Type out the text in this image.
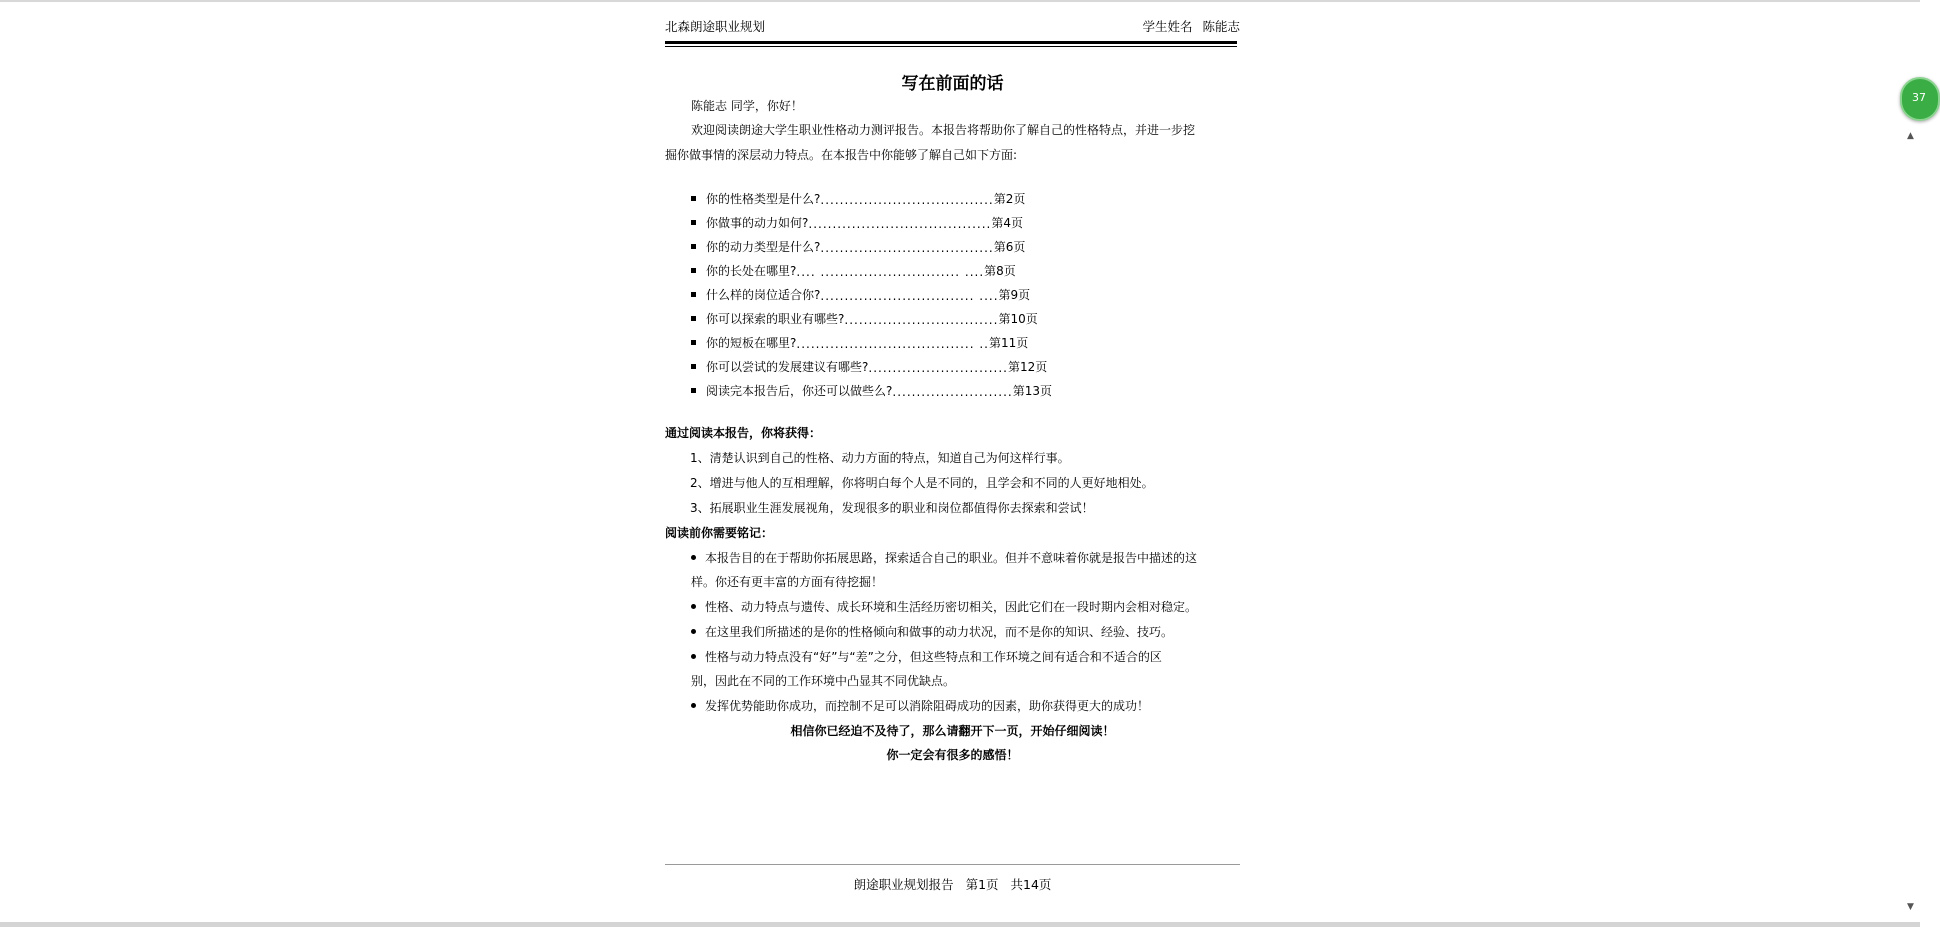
北森朗途职业规划	学生姓名 陈能志
写在前面的话
陈能志 同学，你好！
欢迎阅读朗途大学生职业性格动力测评报告。本报告将帮助你了解自己的性格特点，并进一步挖
掘你做事情的深层动力特点。在本报告中你能够了解自己如下方面:
你的性格类型是什么?....................................第2页
你做事的动力如何?......................................第4页
你的动力类型是什么?....................................第6页
你的长处在哪里?.... ............................. ....第8页
什么样的岗位适合你?................................ ....第9页
你可以探索的职业有哪些?................................第10页
你的短板在哪里?..................................... ..第11页
你可以尝试的发展建议有哪些?.............................第12页
阅读完本报告后，你还可以做些么?.........................第13页
通过阅读本报告，你将获得：
1、清楚认识到自己的性格、动力方面的特点，知道自己为何这样行事。
2、增进与他人的互相理解，你将明白每个人是不同的，且学会和不同的人更好地相处。
3、拓展职业生涯发展视角，发现很多的职业和岗位都值得你去探索和尝试！
阅读前你需要铭记：
本报告目的在于帮助你拓展思路，探索适合自己的职业。但并不意味着你就是报告中描述的这
样。你还有更丰富的方面有待挖掘！
性格、动力特点与遗传、成长环境和生活经历密切相关，因此它们在一段时期内会相对稳定。
在这里我们所描述的是你的性格倾向和做事的动力状况，而不是你的知识、经验、技巧。
性格与动力特点没有“好”与“差”之分，但这些特点和工作环境之间有适合和不适合的区
别，因此在不同的工作环境中凸显其不同优缺点。
发挥优势能助你成功，而控制不足可以消除阻碍成功的因素，助你获得更大的成功！
相信你已经迫不及待了，那么请翻开下一页，开始仔细阅读！
你一定会有很多的感悟！
朗途职业规划报告 第1页 共14页
37
▲
▼
